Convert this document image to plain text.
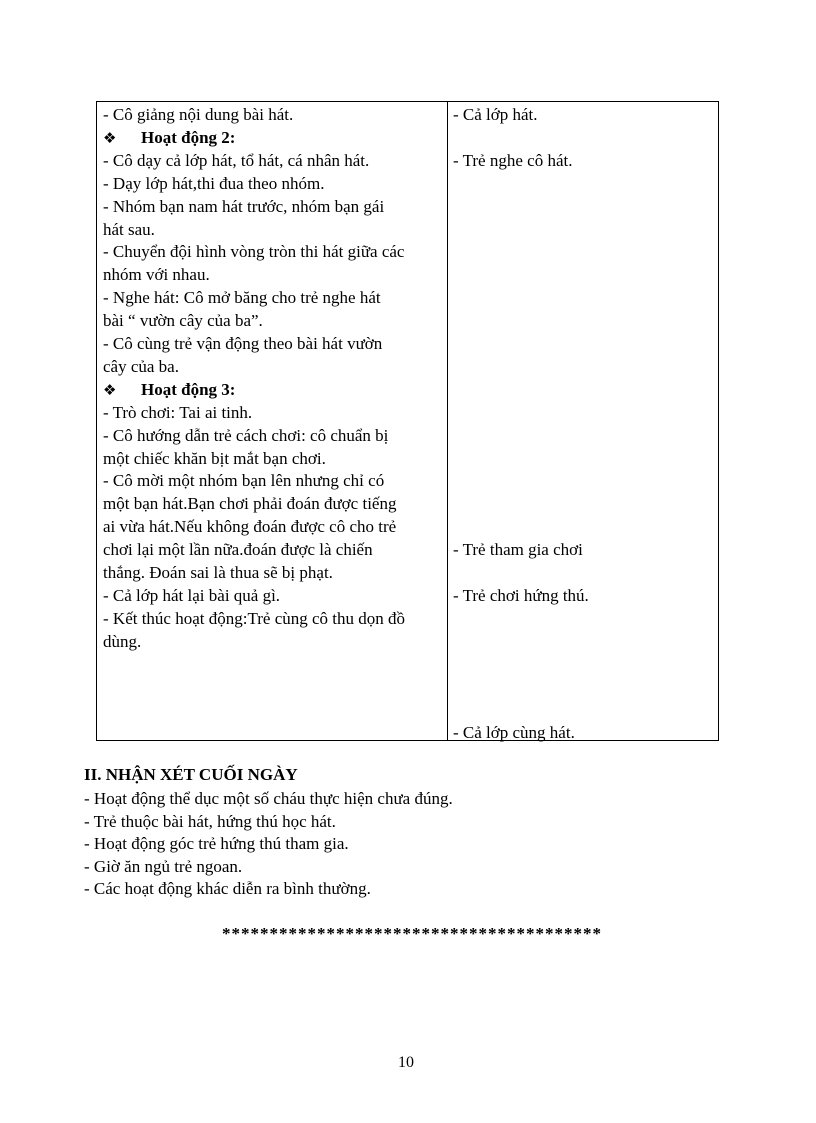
- Cô giảng nội dung bài hát.
❖ Hoạt động 2:
- Cô dạy cả lớp hát, tổ hát, cá nhân hát.
- Dạy lớp hát,thi đua theo nhóm.
- Nhóm bạn nam hát trước, nhóm bạn gái
hát sau.
- Chuyển đội hình vòng tròn thi hát giữa các
nhóm với nhau.
- Nghe hát: Cô mở băng cho trẻ nghe hát
bài “ vườn cây của ba”.
- Cô cùng trẻ vận động theo bài hát vườn
cây của ba.
❖ Hoạt động 3:
- Trò chơi: Tai ai tinh.
- Cô hướng dẫn trẻ cách chơi: cô chuẩn bị
một chiếc khăn bịt mắt bạn chơi.
- Cô mời một nhóm bạn lên nhưng chỉ có
một bạn hát.Bạn chơi phải đoán được tiếng
ai vừa hát.Nếu không đoán được cô cho trẻ
chơi lại một lần nữa.đoán được là chiến
thắng. Đoán sai là thua sẽ bị phạt.
- Cả lớp hát lại bài quả gì.
- Kết thúc hoạt động:Trẻ cùng cô thu dọn đồ
dùng.
- Cả lớp hát.
- Trẻ nghe cô hát.
- Trẻ tham gia chơi
- Trẻ chơi hứng thú.
- Cả lớp cùng hát.
II. NHẬN XÉT CUỐI NGÀY
- Hoạt động thể dục một số cháu thực hiện chưa đúng.
- Trẻ thuộc bài hát, hứng thú học hát.
- Hoạt động góc trẻ hứng thú tham gia.
- Giờ ăn ngủ trẻ ngoan.
- Các hoạt động khác diễn ra bình thường.
****************************************
10
